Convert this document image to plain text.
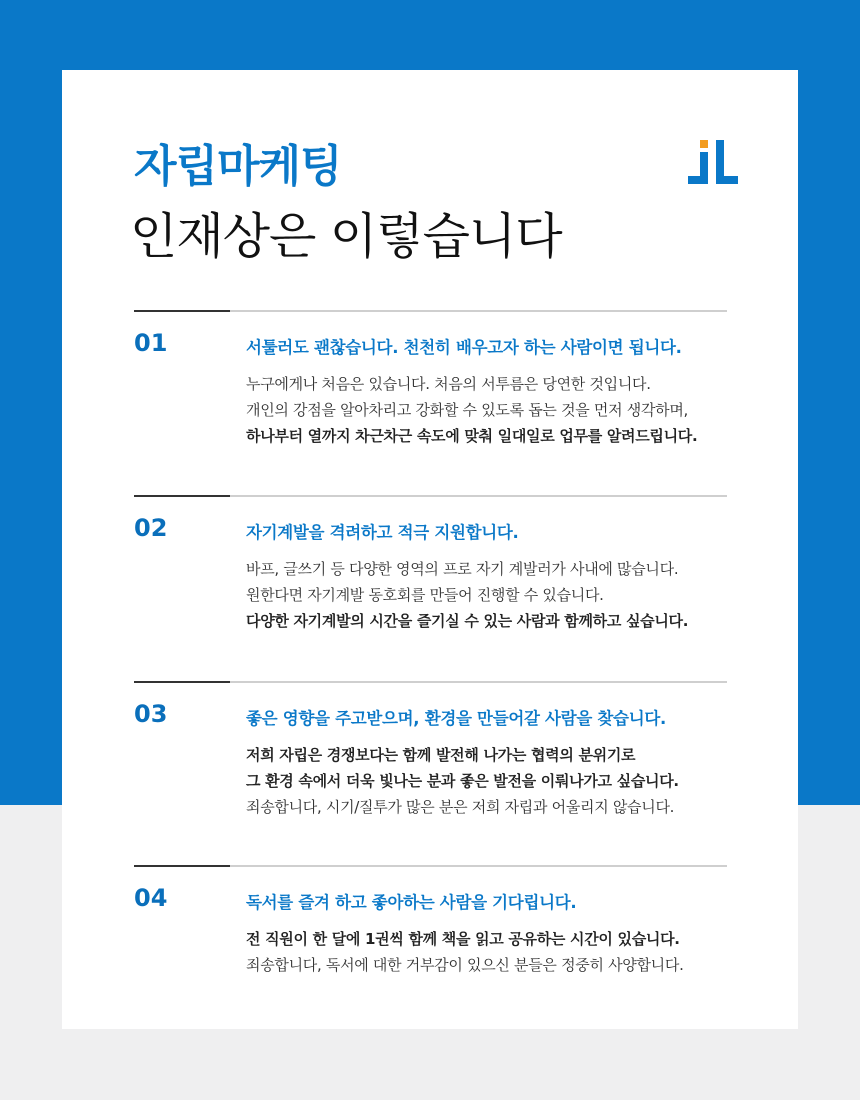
자립마케팅
인재상은 이렇습니다
01	서툴러도 괜찮습니다. 천천히 배우고자 하는 사람이면 됩니다.
누구에게나 처음은 있습니다. 처음의 서투름은 당연한 것입니다.
개인의 강점을 알아차리고 강화할 수 있도록 돕는 것을 먼저 생각하며,
하나부터 열까지 차근차근 속도에 맞춰 일대일로 업무를 알려드립니다.
02	자기계발을 격려하고 적극 지원합니다.
바프, 글쓰기 등 다양한 영역의 프로 자기 계발러가 사내에 많습니다.
원한다면 자기계발 동호회를 만들어 진행할 수 있습니다.
다양한 자기계발의 시간을 즐기실 수 있는 사람과 함께하고 싶습니다.
03	좋은 영향을 주고받으며, 환경을 만들어갈 사람을 찾습니다.
저희 자립은 경쟁보다는 함께 발전해 나가는 협력의 분위기로
그 환경 속에서 더욱 빛나는 분과 좋은 발전을 이뤄나가고 싶습니다.
죄송합니다, 시기/질투가 많은 분은 저희 자립과 어울리지 않습니다.
04	독서를 즐겨 하고 좋아하는 사람을 기다립니다.
전 직원이 한 달에 1권씩 함께 책을 읽고 공유하는 시간이 있습니다.
죄송합니다, 독서에 대한 거부감이 있으신 분들은 정중히 사양합니다.
